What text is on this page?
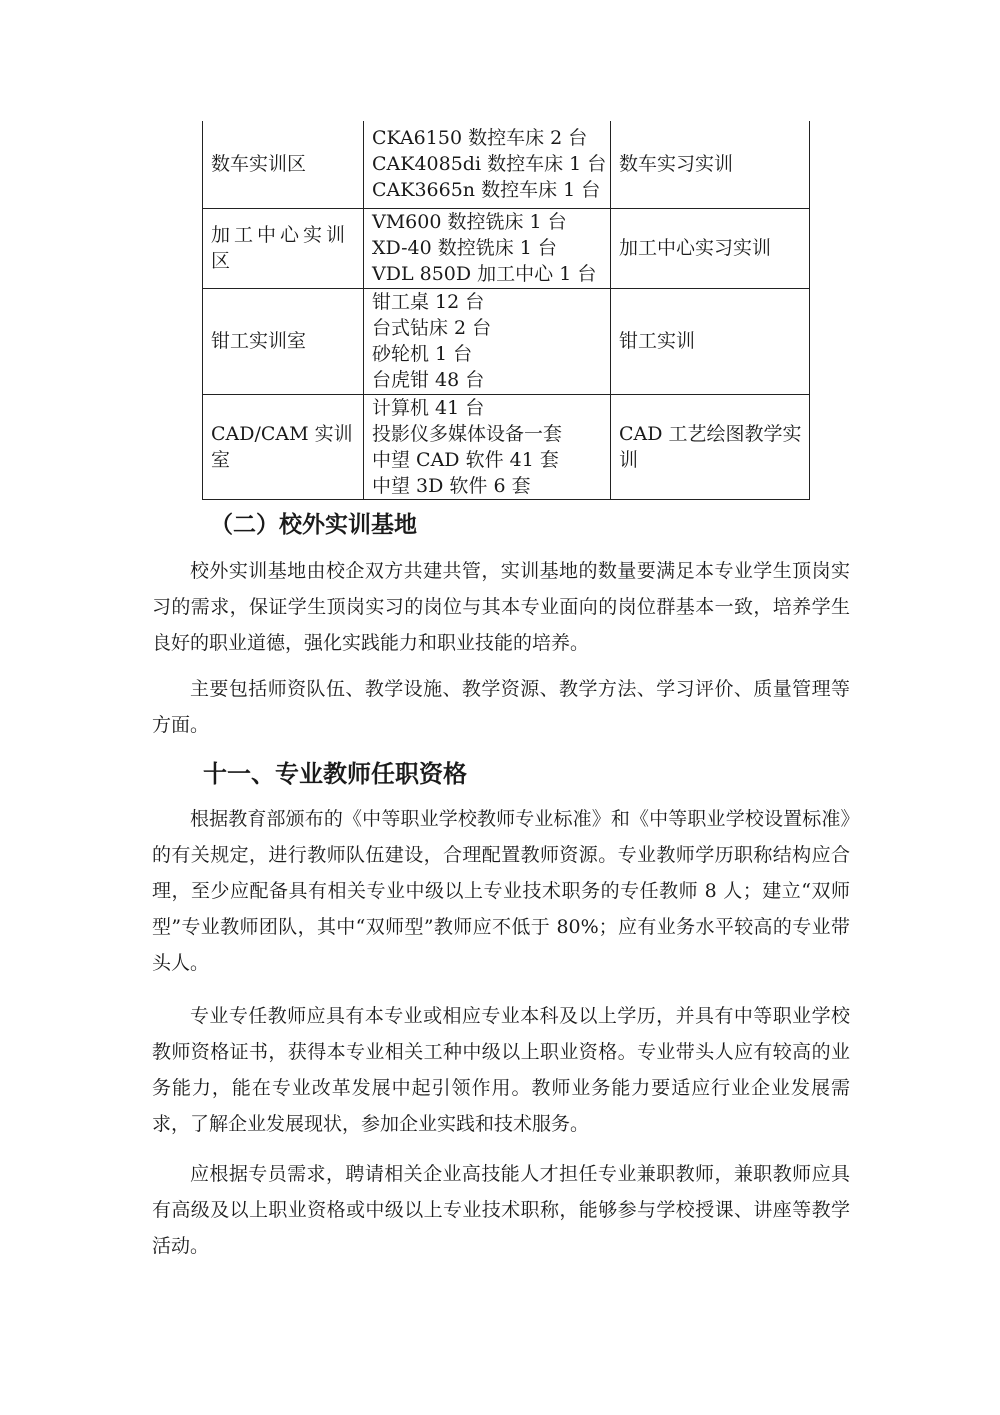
数车实训区	CKA6150 数控车床 2 台
CAK4085di 数控车床 1 台
CAK3665n 数控车床 1 台	数车实习实训
加工中心实训区	VM600 数控铣床 1 台
XD-40 数控铣床 1 台
VDL 850D 加工中心 1 台	加工中心实习实训
钳工实训室	钳工桌 12 台
台式钻床 2 台
砂轮机 1 台
台虎钳 48 台	钳工实训
CAD/CAM 实训室	计算机 41 台
投影仪多媒体设备一套
中望 CAD 软件 41 套
中望 3D 软件 6 套	CAD 工艺绘图教学实训
（二）校外实训基地

校外实训基地由校企双方共建共管，实训基地的数量要满足本专业学生顶岗实习的需求，保证学生顶岗实习的岗位与其本专业面向的岗位群基本一致，培养学生良好的职业道德，强化实践能力和职业技能的培养。

主要包括师资队伍、教学设施、教学资源、教学方法、学习评价、质量管理等方面。

十一、专业教师任职资格

根据教育部颁布的《中等职业学校教师专业标准》和《中等职业学校设置标准》的有关规定，进行教师队伍建设，合理配置教师资源。专业教师学历职称结构应合理，至少应配备具有相关专业中级以上专业技术职务的专任教师 8 人；建立“双师型”专业教师团队，其中“双师型”教师应不低于 80%；应有业务水平较高的专业带头人。

专业专任教师应具有本专业或相应专业本科及以上学历，并具有中等职业学校教师资格证书，获得本专业相关工种中级以上职业资格。专业带头人应有较高的业务能力，能在专业改革发展中起引领作用。教师业务能力要适应行业企业发展需求，了解企业发展现状，参加企业实践和技术服务。

应根据专员需求，聘请相关企业高技能人才担任专业兼职教师，兼职教师应具有高级及以上职业资格或中级以上专业技术职称，能够参与学校授课、讲座等教学活动。
